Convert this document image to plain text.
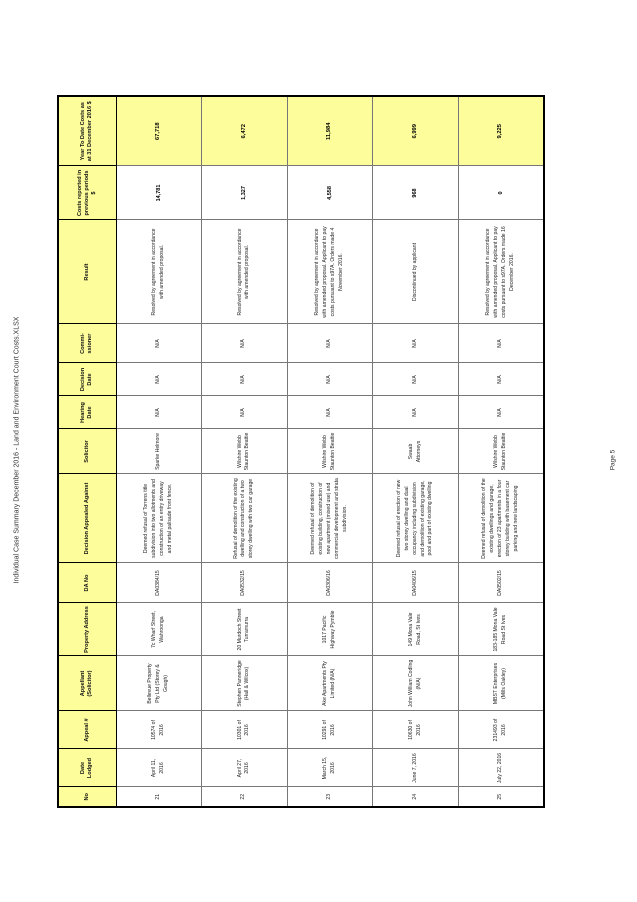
Individual Case Summary December 2016 - Land and Environment Court Costs.XLSX
No	Date Lodged	Appeal #	Appellant (Solicitor)	Property Address	DA No	Decision Appealed Against	Solicitor	Hearing Date	Decision Date	Commi-ssioner	Result	Costs reported in previous periods $	Year To Date Costs as at 31 December 2016 $
21	April 11, 2016	10574 of 2016	Bellevue Property Pty Ltd (Storey & Gough)	7c Wharf Street, Wahroonga	DA0384/15	Deemed refusal of Torrens title subdivision into two allotments and construction of an entry driveway and metal palisade front fence.	Sparke Helmore	N/A	N/A	N/A	Resolved by agreement in accordance with amended proposal.	14,781	67,718
22	April 27, 2016	10301 of 2016	Stephen Panneridge (Hall & Wilcox)	20 Murdoch Street Turramurra	DA0532/15	Refusal of demolition of the existing dwelling and construction of a two storey dwelling with two car garage	Wilshire Webb Staunton Beattie	N/A	N/A	N/A	Resolved by agreement in accordance with amended proposal.	1,327	6,472
23	March 15, 2016	10291 of 2016	Ake Apartments Pty Limited (N/A)	1017 Pacific Highway Pymble	DA0306/16	Deemed refusal of demolition of existing building, construction of new apartment (mixed use) and commercial development and strata subdivision.	Wilshire Webb Staunton Beattie	N/A	N/A	N/A	Resolved by agreement in accordance with amended proposal. Applicant to pay costs pursuant to s97A. Orders made 4 November 2016.	4,558	11,984
24	June 7, 2016	10630 of 2016	John William Codling (N/A)	149 Mona Vale Road, St Ives	DA0406/15	Deemed refusal of erection of new two storey dwelling and dual occupancy including subdivision and demolition of existing garage, pool and part of existing dwelling	Swaab Attorneys	N/A	N/A	N/A	Discontinued by applicant	968	6,999
25	July 22, 2016	231493 of 2016	MBST Enterprises (Mills Oakley)	183-185 Mona Vale Road St Ives	DA0502/15	Deemed refusal of demolition of the existing dwellings and garage, erection of 23 apartments in a four storey building with basement car parking and new landscaping	Wilshire Webb Staunton Beattie	N/A	N/A	N/A	Resolved by agreement in accordance with amended proposal. Applicant to pay costs pursuant to s97A. Orders made 16 December 2016.	0	9,225
Page 5
